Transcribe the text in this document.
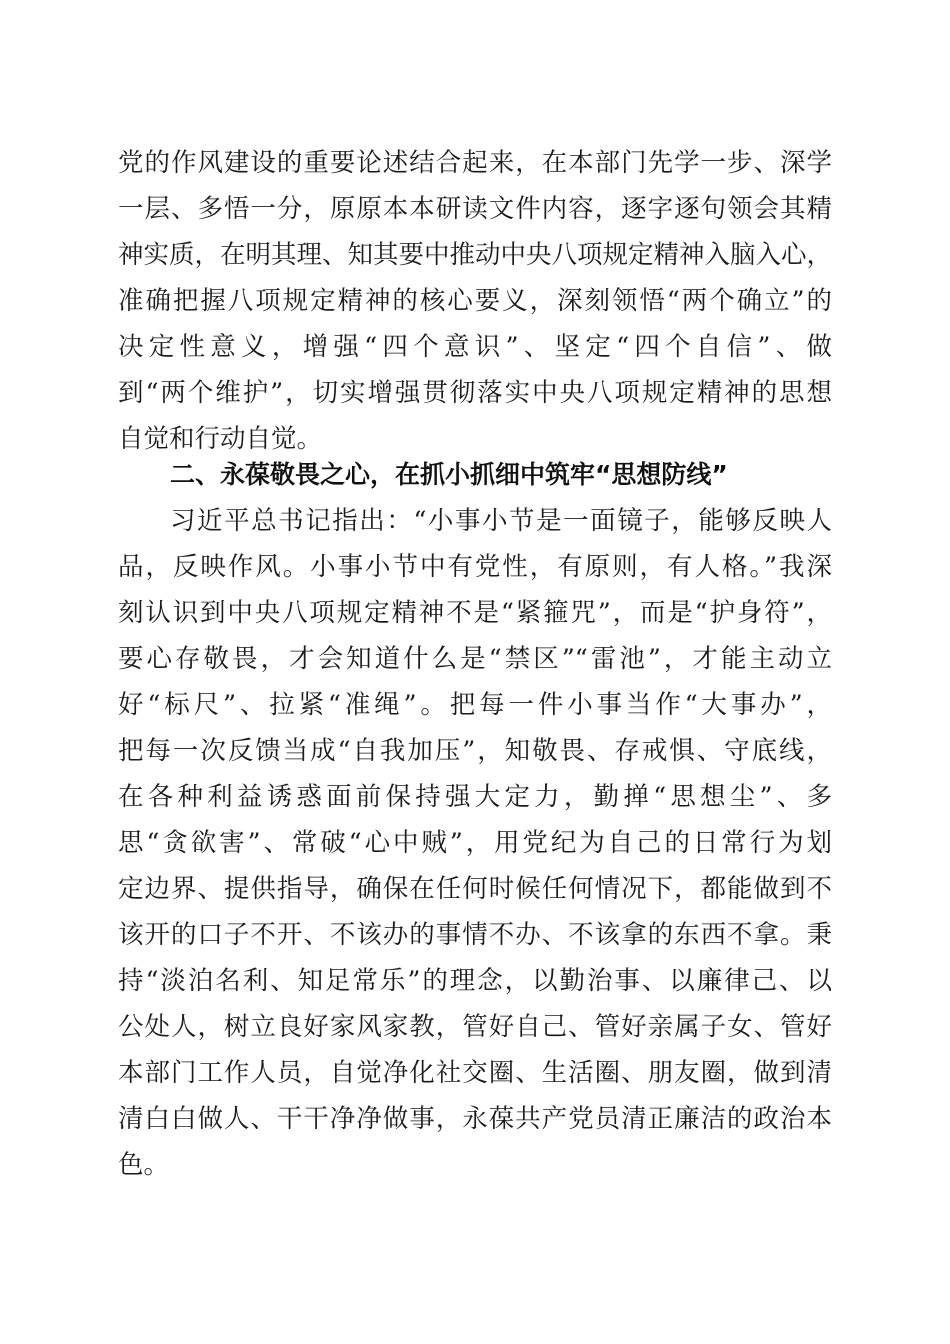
党的作风建设的重要论述结合起来，在本部门先学一步、深学
一层、多悟一分，原原本本研读文件内容，逐字逐句领会其精
神实质，在明其理、知其要中推动中央八项规定精神入脑入心，
准确把握八项规定精神的核心要义，深刻领悟“两个确立”的
决定性意义，增强“四个意识”、坚定“四个自信”、做
到“两个维护”，切实增强贯彻落实中央八项规定精神的思想
自觉和行动自觉。
二、永葆敬畏之心，在抓小抓细中筑牢“思想防线”
习近平总书记指出：“小事小节是一面镜子，能够反映人
品，反映作风。小事小节中有党性，有原则，有人格。”我深
刻认识到中央八项规定精神不是“紧箍咒”，而是“护身符”，
要心存敬畏，才会知道什么是“禁区”“雷池”，才能主动立
好“标尺”、拉紧“准绳”。把每一件小事当作“大事办”，
把每一次反馈当成“自我加压”，知敬畏、存戒惧、守底线，
在各种利益诱惑面前保持强大定力，勤掸“思想尘”、多
思“贪欲害”、常破“心中贼”，用党纪为自己的日常行为划
定边界、提供指导，确保在任何时候任何情况下，都能做到不
该开的口子不开、不该办的事情不办、不该拿的东西不拿。秉
持“淡泊名利、知足常乐”的理念，以勤治事、以廉律己、以
公处人，树立良好家风家教，管好自己、管好亲属子女、管好
本部门工作人员，自觉净化社交圈、生活圈、朋友圈，做到清
清白白做人、干干净净做事，永葆共产党员清正廉洁的政治本
色。
